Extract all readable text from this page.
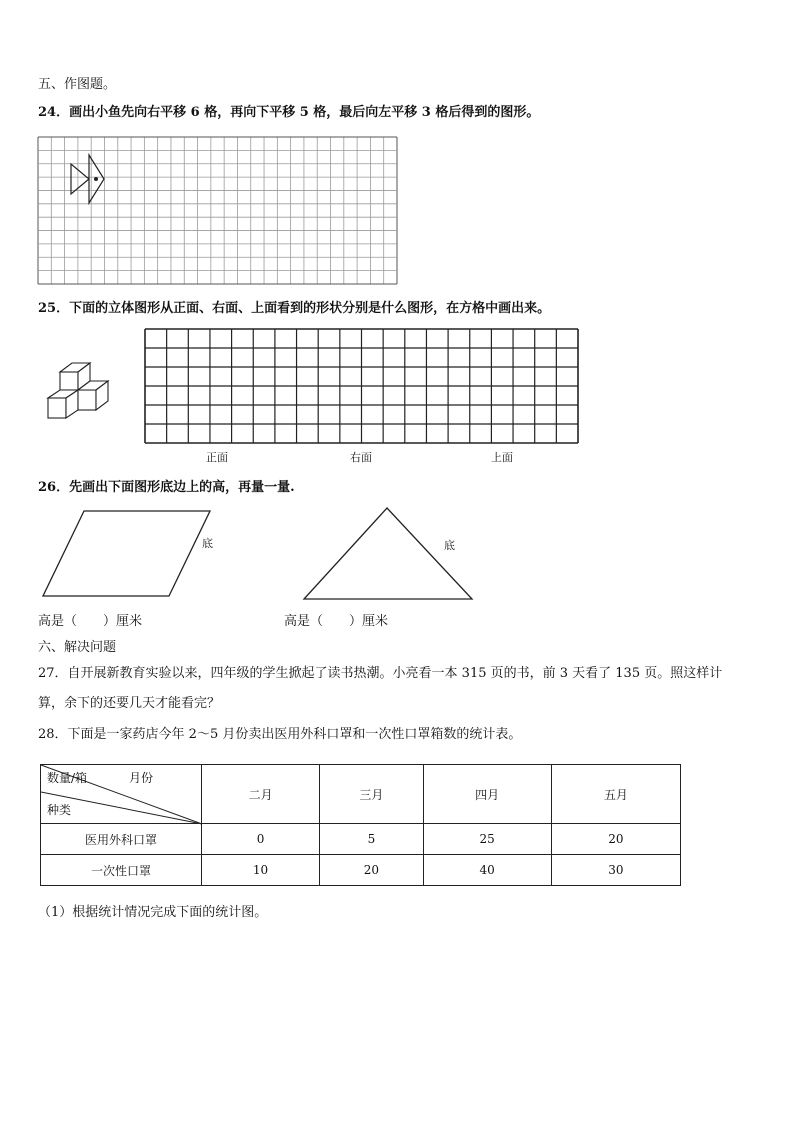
五、作图题。
24．画出小鱼先向右平移 6 格，再向下平移 5 格，最后向左平移 3 格后得到的图形。
25．下面的立体图形从正面、右面、上面看到的形状分别是什么图形，在方格中画出来。
正面	右面	上面
26．先画出下面图形底边上的高，再量一量.
底	底
高是（　　）厘米	高是（　　）厘米
六、解决问题
27．自开展新教育实验以来，四年级的学生掀起了读书热潮。小亮看一本 315 页的书，前 3 天看了 135 页。照这样计
算，余下的还要几天才能看完？
28．下面是一家药店今年 2～5 月份卖出医用外科口罩和一次性口罩箱数的统计表。
数量/箱 月份
种类	二月	三月	四月	五月
医用外科口罩	0	5	25	20
一次性口罩	10	20	40	30
（1）根据统计情况完成下面的统计图。
